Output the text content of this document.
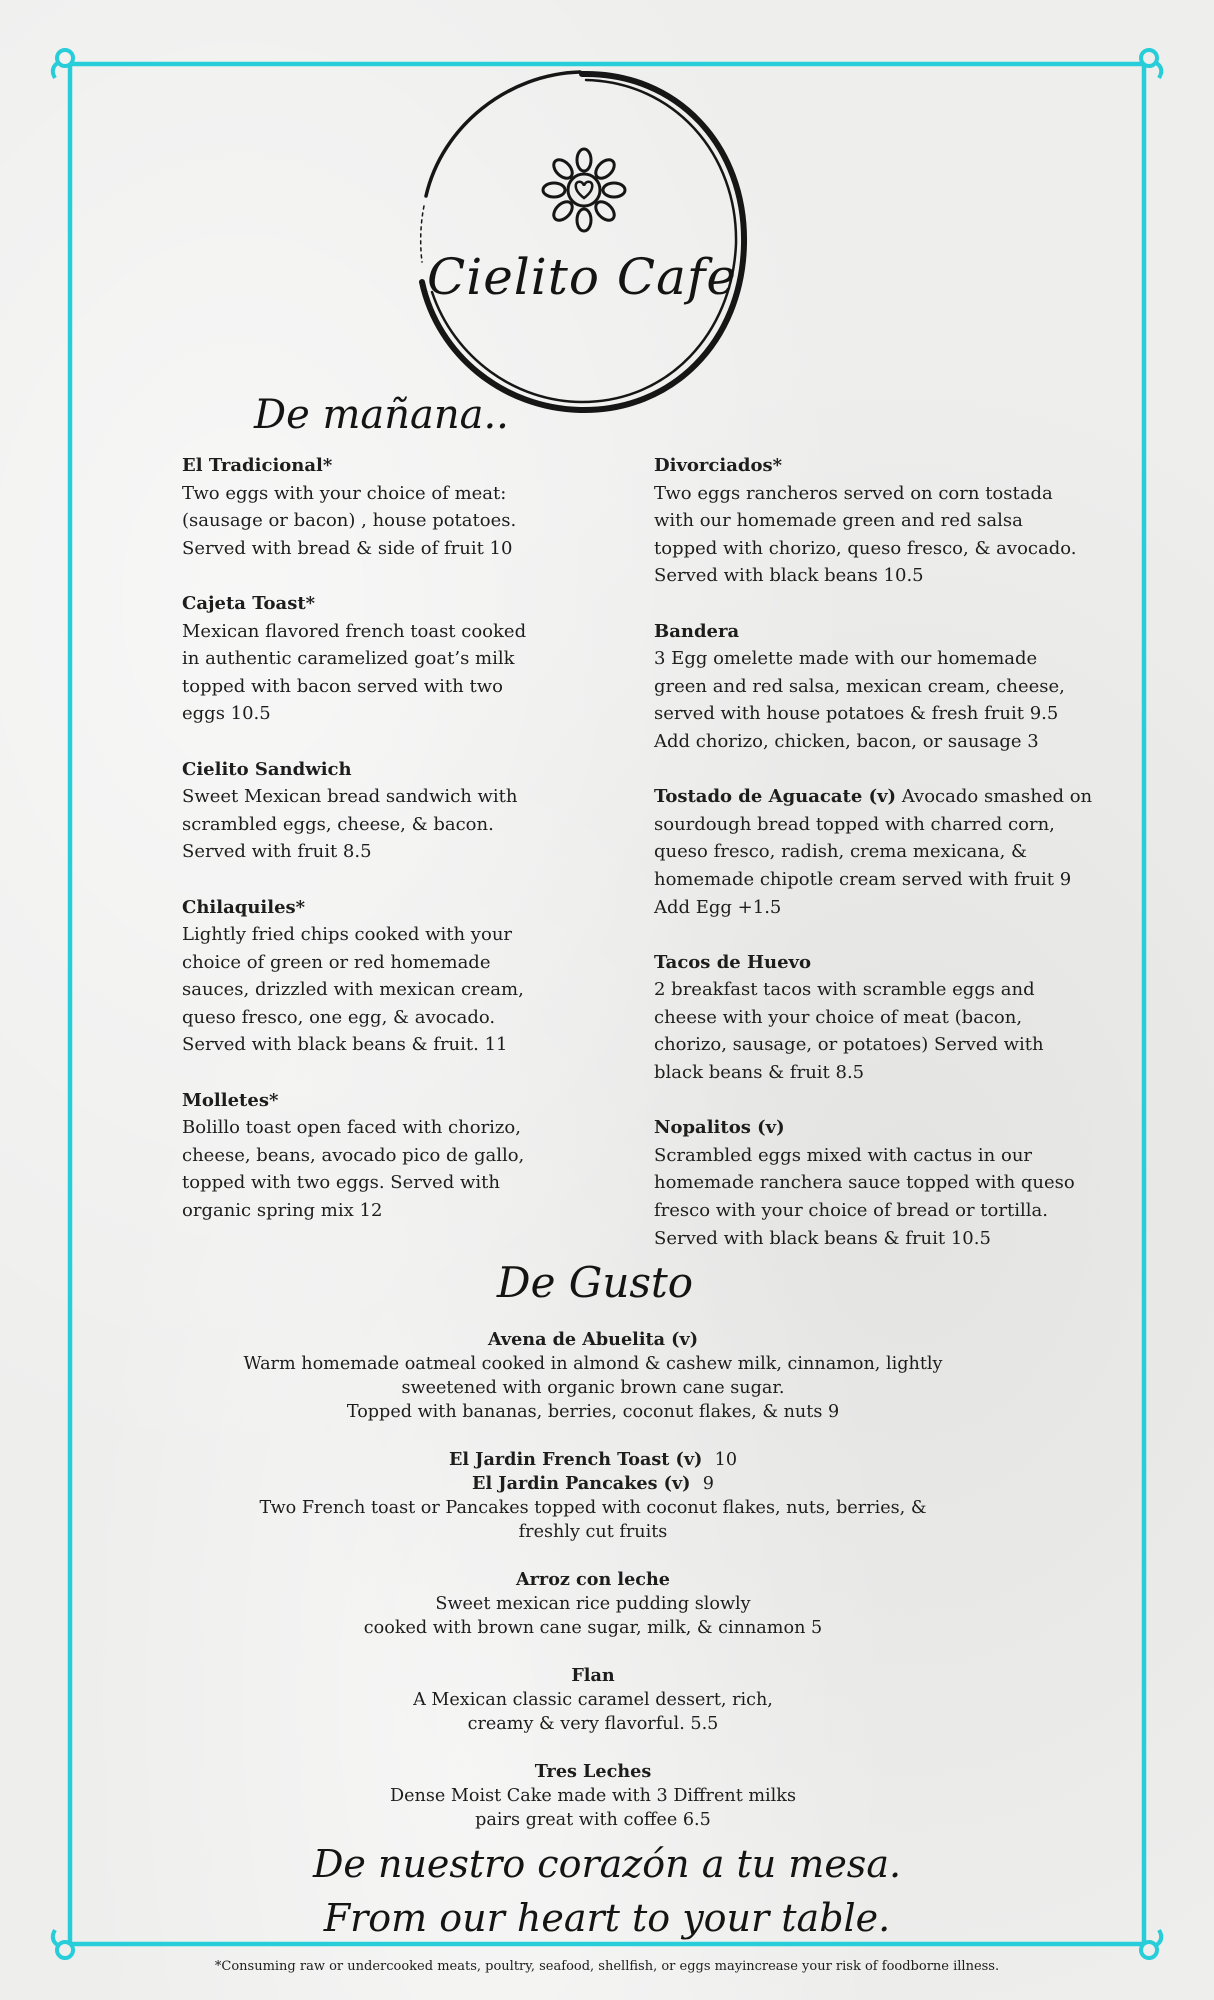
Cielito Cafe
De mañana..

El Tradicional*

Two eggs with your choice of meat:

(sausage or bacon) , house potatoes.

Served with bread & side of fruit 10

Cajeta Toast*

Mexican flavored french toast cooked

in authentic caramelized goat’s milk

topped with bacon served with two

eggs 10.5

Cielito Sandwich

Sweet Mexican bread sandwich with

scrambled eggs, cheese, & bacon.

Served with fruit 8.5

Chilaquiles*

Lightly fried chips cooked with your

choice of green or red homemade

sauces, drizzled with mexican cream,

queso fresco, one egg, & avocado.

Served with black beans & fruit. 11

Molletes*

Bolillo toast open faced with chorizo,

cheese, beans, avocado pico de gallo,

topped with two eggs. Served with

organic spring mix 12

Divorciados*

Two eggs rancheros served on corn tostada

with our homemade green and red salsa

topped with chorizo, queso fresco, & avocado.

Served with black beans 10.5

Bandera

3 Egg omelette made with our homemade

green and red salsa, mexican cream, cheese,

served with house potatoes & fresh fruit 9.5

Add chorizo, chicken, bacon, or sausage 3

Tostado de Aguacate (v) Avocado smashed on

sourdough bread topped with charred corn,

queso fresco, radish, crema mexicana, &

homemade chipotle cream served with fruit 9

Add Egg +1.5

Tacos de Huevo

2 breakfast tacos with scramble eggs and

cheese with your choice of meat (bacon,

chorizo, sausage, or potatoes) Served with

black beans & fruit 8.5

Nopalitos (v)

Scrambled eggs mixed with cactus in our

homemade ranchera sauce topped with queso

fresco with your choice of bread or tortilla.

Served with black beans & fruit 10.5

De Gusto

Avena de Abuelita (v)

Warm homemade oatmeal cooked in almond & cashew milk, cinnamon, lightly

sweetened with organic brown cane sugar.

Topped with bananas, berries, coconut flakes, & nuts 9

El Jardin French Toast (v) 10

El Jardin Pancakes (v) 9

Two French toast or Pancakes topped with coconut flakes, nuts, berries, &

freshly cut fruits

Arroz con leche

Sweet mexican rice pudding slowly

cooked with brown cane sugar, milk, & cinnamon 5

Flan

A Mexican classic caramel dessert, rich,

creamy & very flavorful. 5.5

Tres Leches

Dense Moist Cake made with 3 Diffrent milks

pairs great with coffee 6.5

De nuestro corazón a tu mesa.
From our heart to your table.
*Consuming raw or undercooked meats, poultry, seafood, shellfish, or eggs mayincrease your risk of foodborne illness.
